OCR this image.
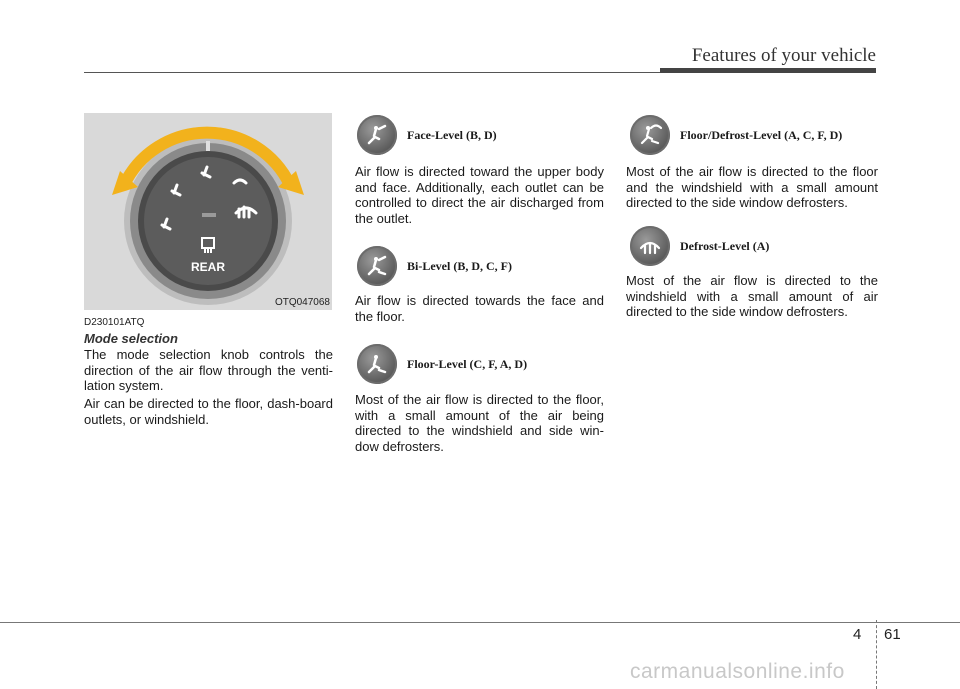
Features of your vehicle
REAR
OTQ047068
D230101ATQ
Mode selection

The mode selection knob controls the direction of the air flow through the venti-lation system.

Air can be directed to the floor, dash-board outlets, or windshield.

Face-Level (B, D)

Air flow is directed toward the upper body and face. Additionally, each outlet can be controlled to direct the air discharged from the outlet.

Bi-Level (B, D, C, F)

Air flow is directed towards the face and the floor.

Floor-Level (C, F, A, D)

Most of the air flow is directed to the floor, with a small amount of the air being directed to the windshield and side win-dow defrosters.

Floor/Defrost-Level (A, C, F, D)

Most of the air flow is directed to the floor and the windshield with a small amount directed to the side window defrosters.

Defrost-Level (A)

Most of the air flow is directed to the windshield with a small amount of air directed to the side window defrosters.

4 61
carmanualsonline.info
